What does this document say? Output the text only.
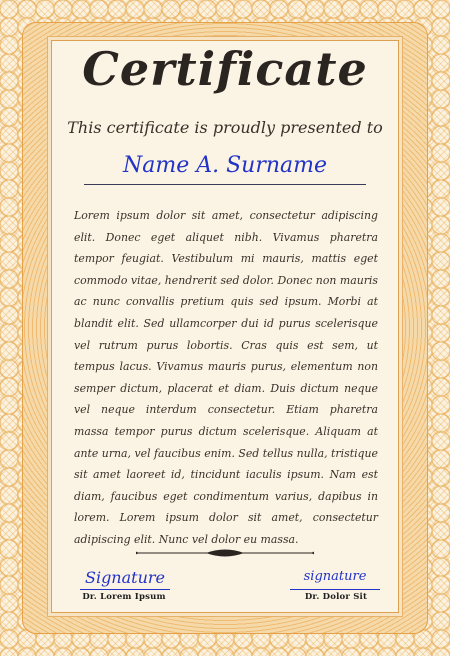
Certificate

This certificate is proudly presented to

Name A. Surname

Lorem ipsum dolor sit amet, consectetur adipiscing elit. Donec eget aliquet nibh. Vivamus pharetra tempor feugiat. Vestibulum mi mauris, mattis eget commodo vitae, hendrerit sed dolor. Donec non mauris ac nunc convallis pretium quis sed ipsum. Morbi at blandit elit. Sed ullamcorper dui id purus scelerisque vel rutrum purus lobortis. Cras quis est sem, ut tempus lacus. Vivamus mauris purus, elementum non semper dictum, placerat et diam. Duis dictum neque vel neque interdum consectetur. Etiam pharetra massa tempor purus dictum scelerisque. Aliquam at ante urna, vel faucibus enim. Sed tellus nulla, tristique sit amet laoreet id, tincidunt iaculis ipsum. Nam est diam, faucibus eget condimentum varius, dapibus in lorem. Lorem ipsum dolor sit amet, consectetur adipiscing elit. Nunc vel dolor eu massa.

Signature

Dr. Lorem Ipsum

signature

Dr. Dolor Sit
